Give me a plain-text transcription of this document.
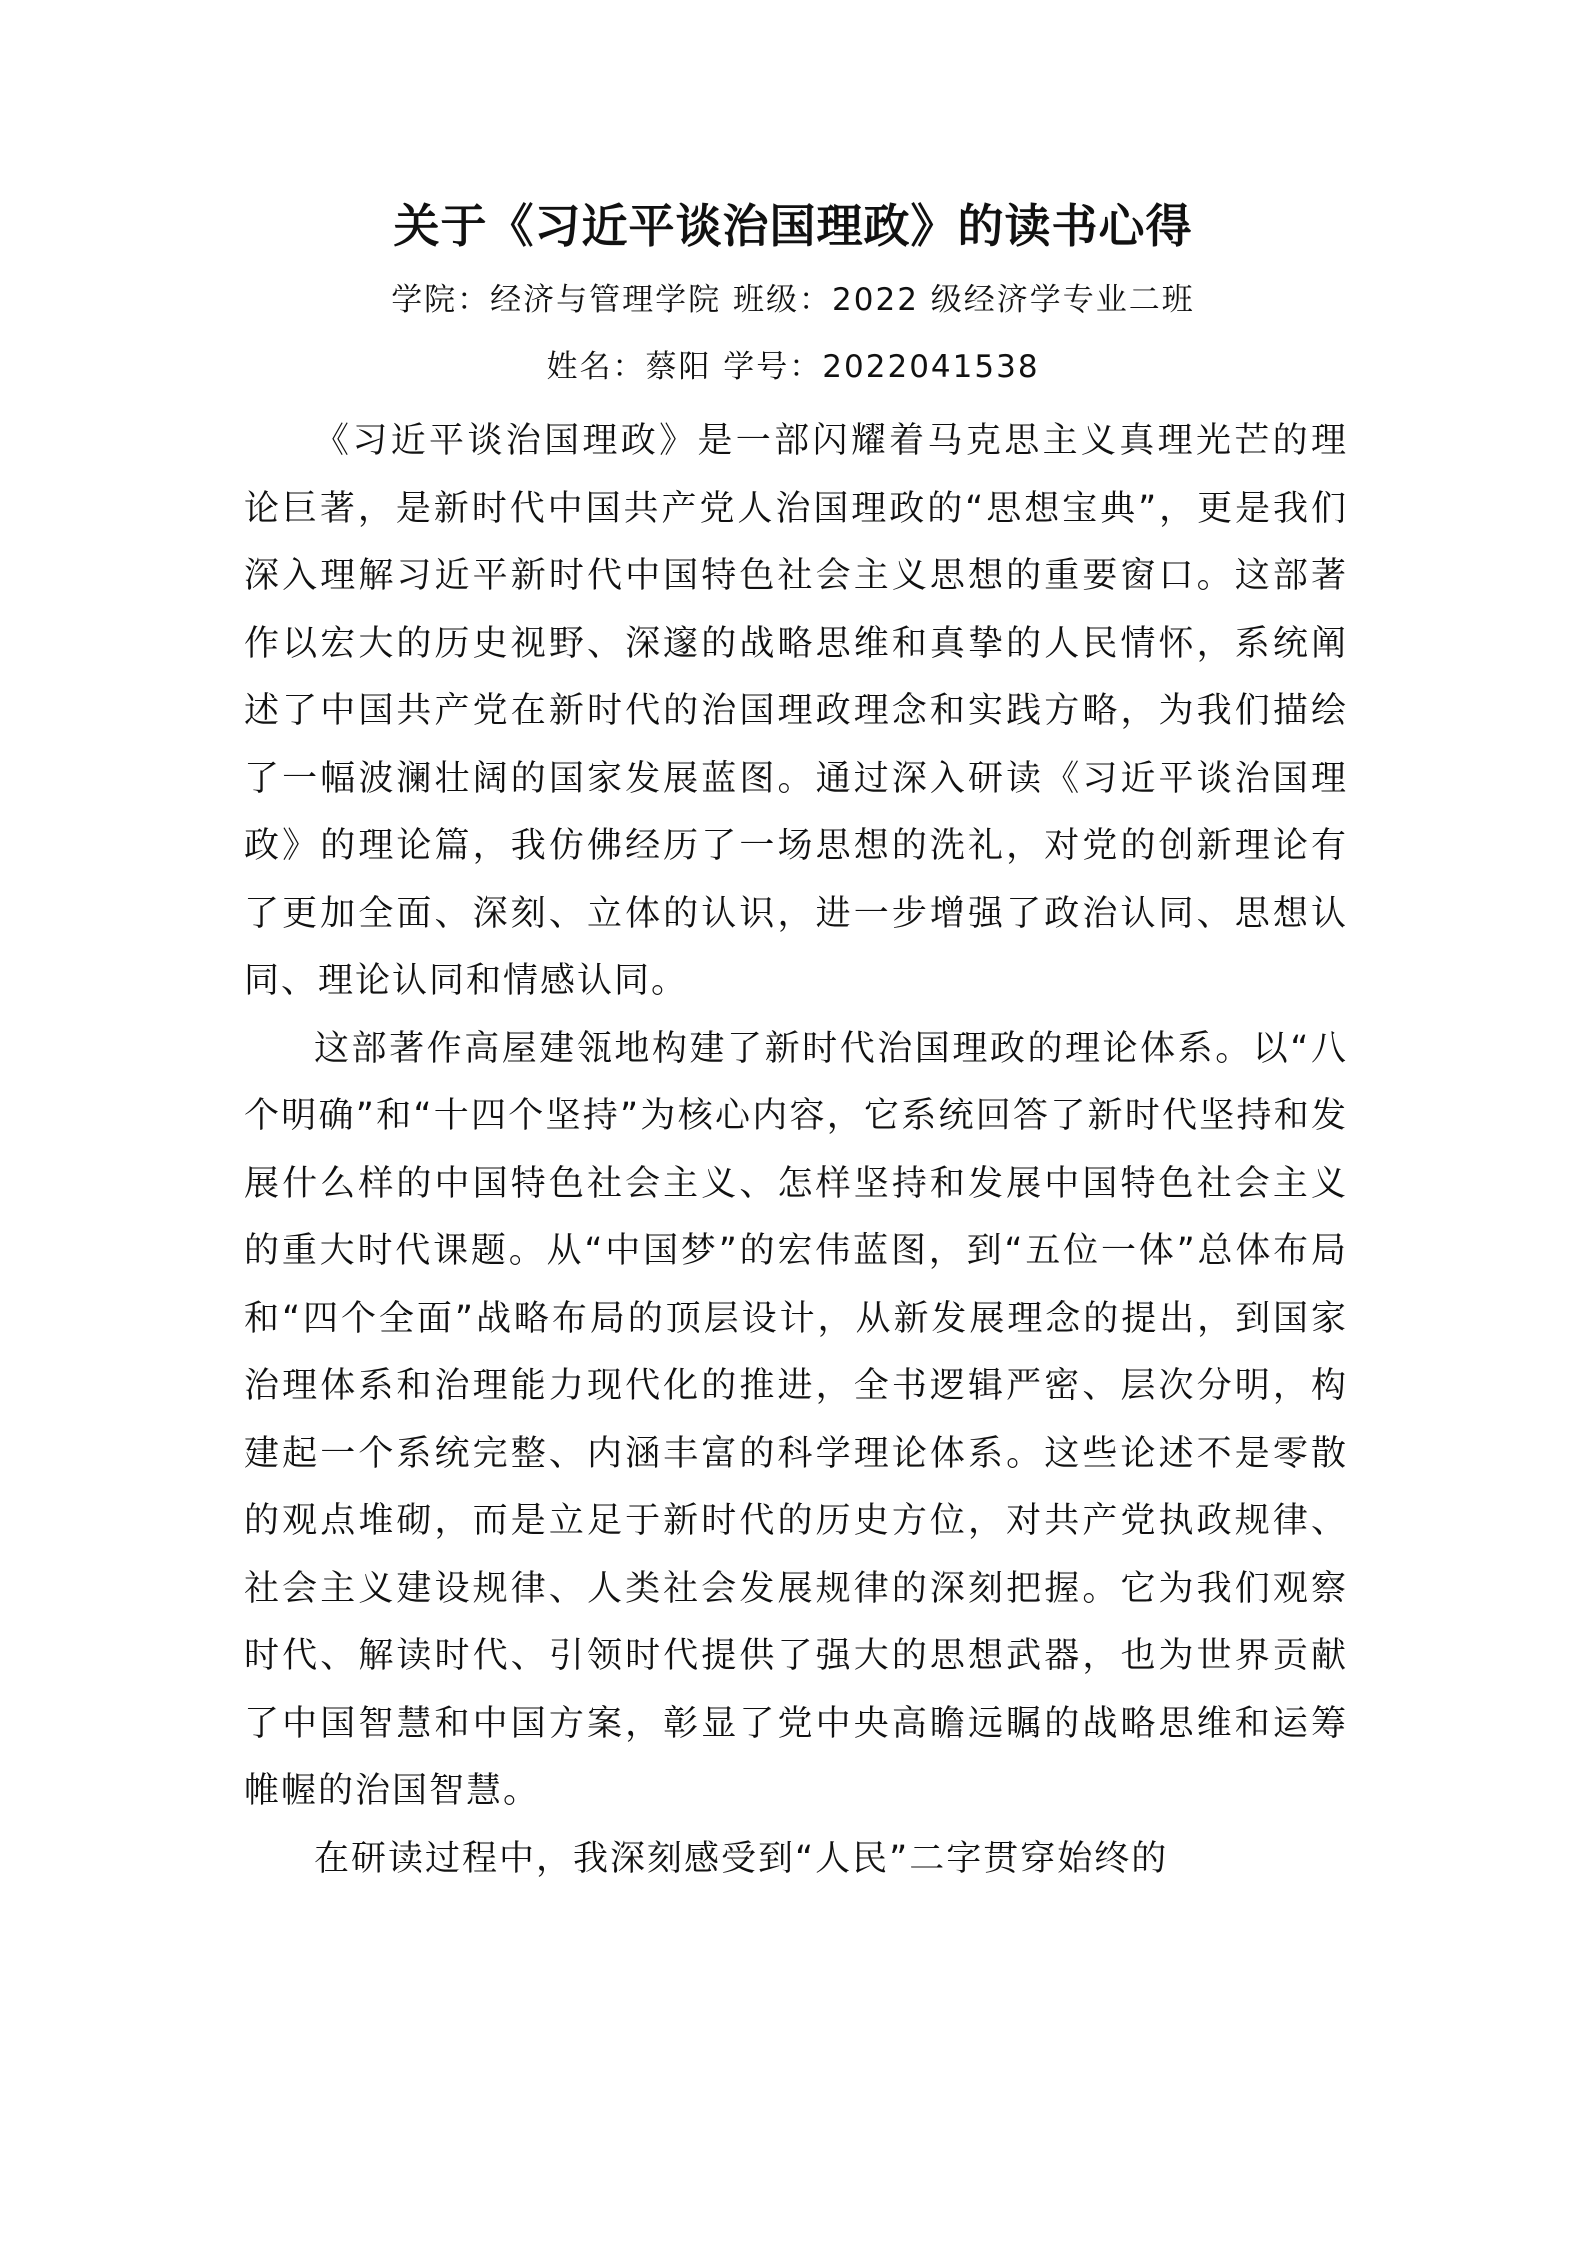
关于《习近平谈治国理政》的读书心得
学院：经济与管理学院 班级：2022 级经济学专业二班
姓名：蔡阳 学号：2022041538

《习近平谈治国理政》是一部闪耀着马克思主义真理光芒的理论巨著，是新时代中国共产党人治国理政的“思想宝典”，更是我们深入理解习近平新时代中国特色社会主义思想的重要窗口。这部著作以宏大的历史视野、深邃的战略思维和真挚的人民情怀，系统阐述了中国共产党在新时代的治国理政理念和实践方略，为我们描绘了一幅波澜壮阔的国家发展蓝图。通过深入研读《习近平谈治国理政》的理论篇，我仿佛经历了一场思想的洗礼，对党的创新理论有了更加全面、深刻、立体的认识，进一步增强了政治认同、思想认同、理论认同和情感认同。

这部著作高屋建瓴地构建了新时代治国理政的理论体系。以“八个明确”和“十四个坚持”为核心内容，它系统回答了新时代坚持和发展什么样的中国特色社会主义、怎样坚持和发展中国特色社会主义的重大时代课题。从“中国梦”的宏伟蓝图，到“五位一体”总体布局和“四个全面”战略布局的顶层设计，从新发展理念的提出，到国家治理体系和治理能力现代化的推进，全书逻辑严密、层次分明，构建起一个系统完整、内涵丰富的科学理论体系。这些论述不是零散的观点堆砌，而是立足于新时代的历史方位，对共产党执政规律、社会主义建设规律、人类社会发展规律的深刻把握。它为我们观察时代、解读时代、引领时代提供了强大的思想武器，也为世界贡献了中国智慧和中国方案，彰显了党中央高瞻远瞩的战略思维和运筹帷幄的治国智慧。

在研读过程中，我深刻感受到“人民”二字贯穿始终的
